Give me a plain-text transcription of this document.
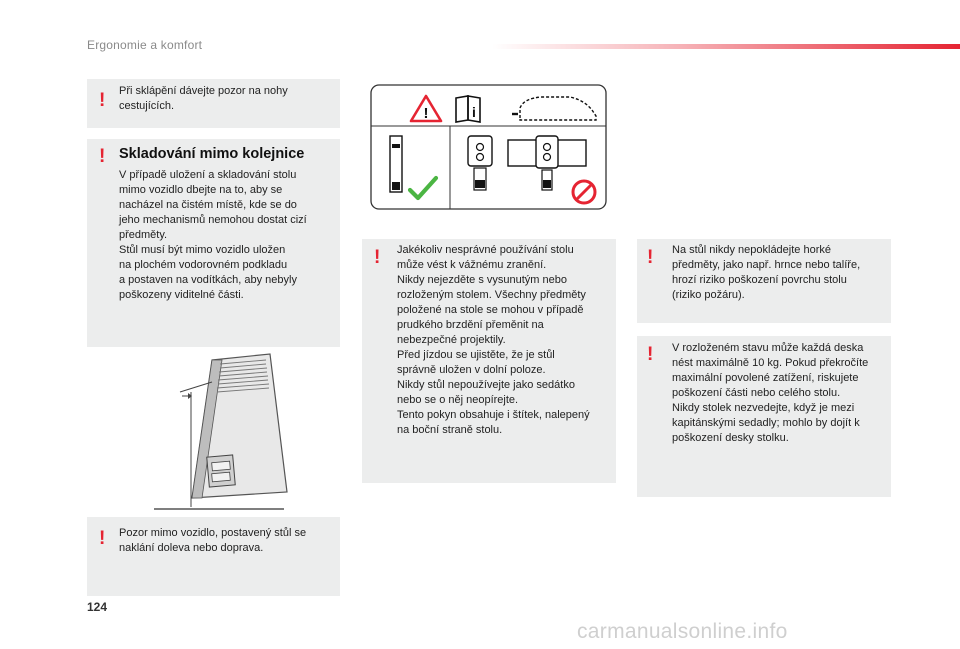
Ergonomie a komfort
! Při sklápění dávejte pozor na nohy
cestujících.
! Skladování mimo kolejnice
V případě uložení a skladování stolu
mimo vozidlo dbejte na to, aby se
nacházel na čistém místě, kde se do
jeho mechanismů nemohou dostat cizí
předměty.
Stůl musí být mimo vozidlo uložen
na plochém vodorovném podkladu
a postaven na vodítkách, aby nebyly
poškozeny viditelné části.
! Pozor mimo vozidlo, postavený stůl se
naklání doleva nebo doprava.
!	i
! Jakékoliv nesprávné používání stolu
může vést k vážnému zranění.
Nikdy nejezděte s vysunutým nebo
rozloženým stolem. Všechny předměty
položené na stole se mohou v případě
prudkého brzdění přeměnit na
nebezpečné projektily.
Před jízdou se ujistěte, že je stůl
správně uložen v dolní poloze.
Nikdy stůl nepoužívejte jako sedátko
nebo se o něj neopírejte.
Tento pokyn obsahuje i štítek, nalepený
na boční straně stolu.
! Na stůl nikdy nepokládejte horké
předměty, jako např. hrnce nebo talíře,
hrozí riziko poškození povrchu stolu
(riziko požáru).
! V rozloženém stavu může každá deska
nést maximálně 10 kg. Pokud překročíte
maximální povolené zatížení, riskujete
poškození části nebo celého stolu.
Nikdy stolek nezvedejte, když je mezi
kapitánskými sedadly; mohlo by dojít k
poškození desky stolku.
124
carmanualsonline.info
